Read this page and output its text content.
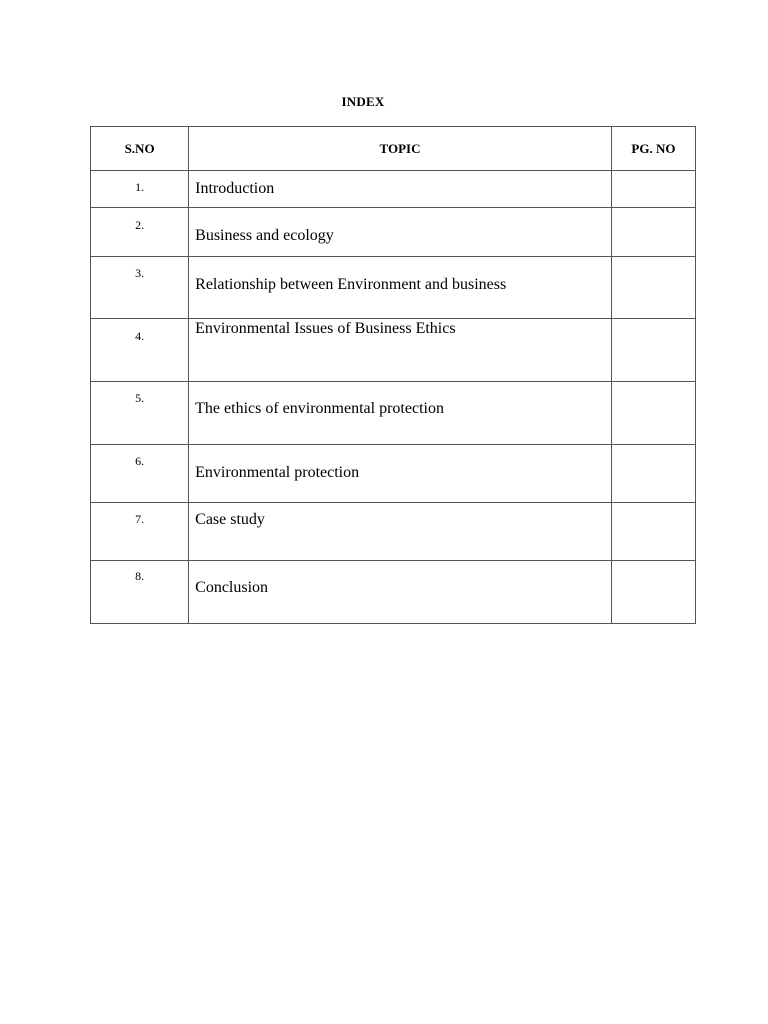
INDEX
S.NO	TOPIC	PG. NO

1.	Introduction	

2.	Business and ecology	

3.	Relationship between Environment and business	

4.	Environmental Issues of Business Ethics	

5.	The ethics of environmental protection	

6.	Environmental protection	

7.	Case study	

8.	Conclusion	
